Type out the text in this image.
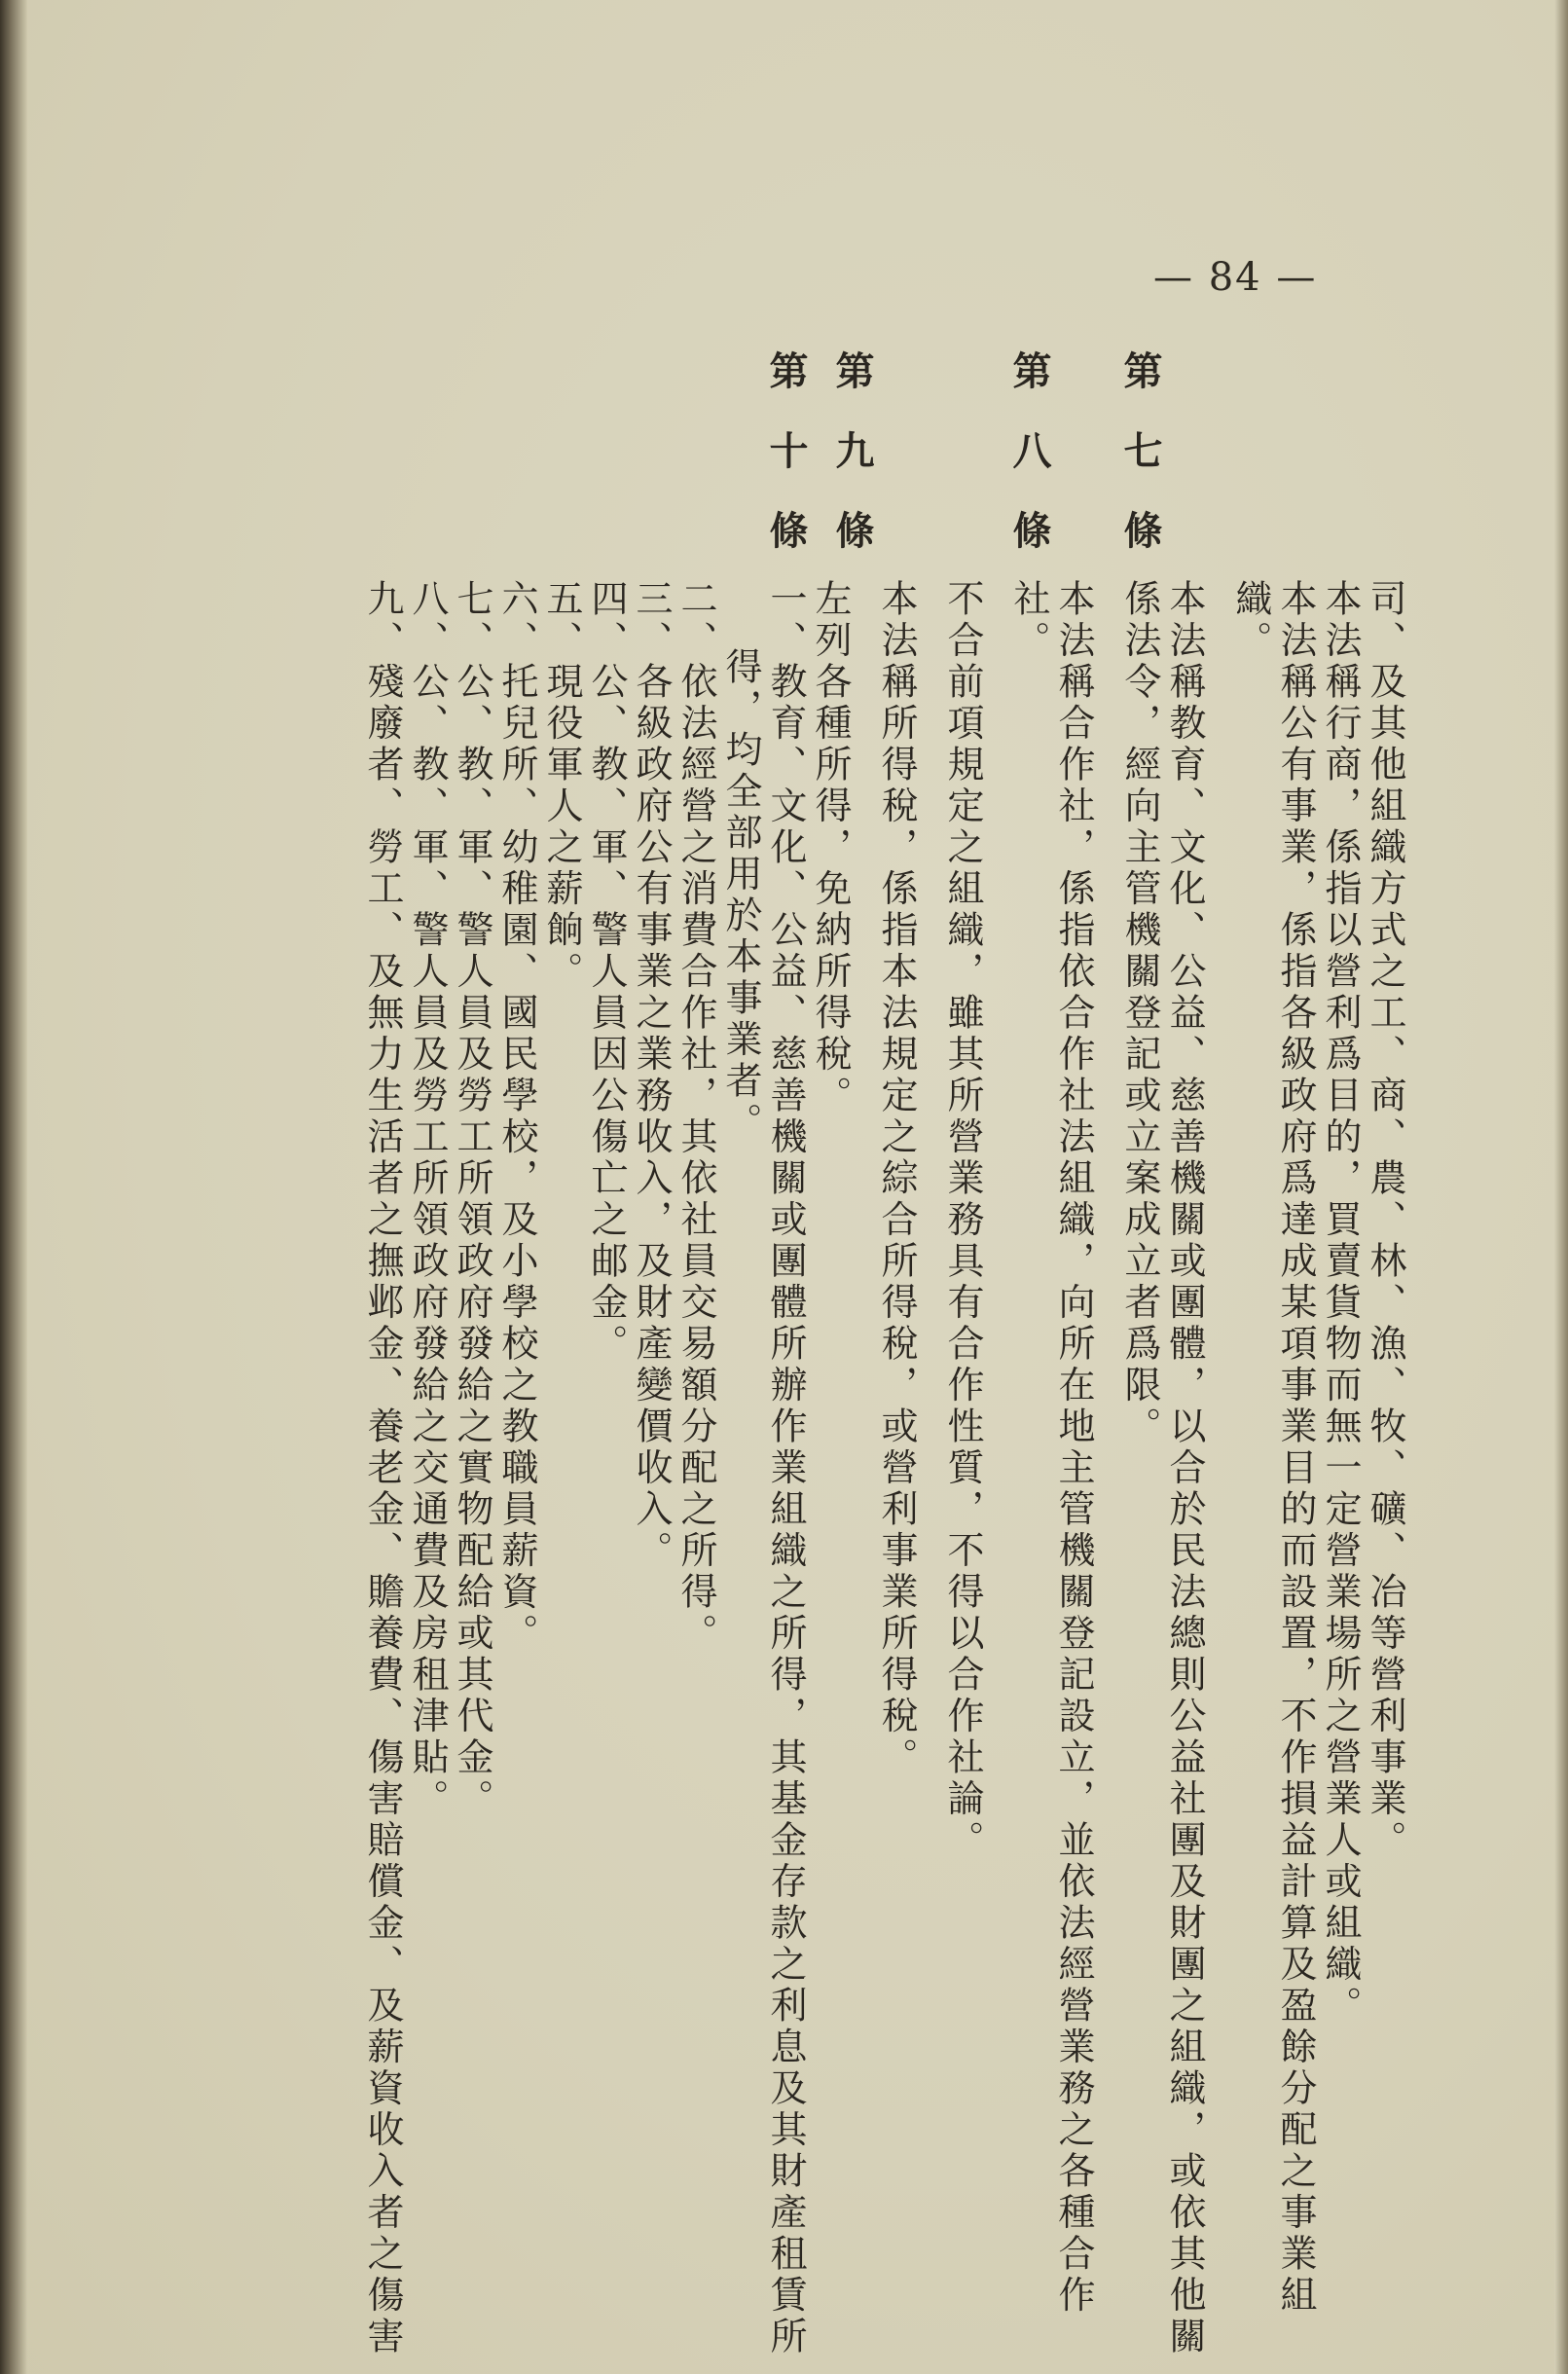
— 84 —
司、及其他組織方式之工、商、農、林、漁、牧、礦、冶等營利事業。
本法稱行商，係指以營利爲目的，買賣貨物而無一定營業場所之營業人或組織。
本法稱公有事業，係指各級政府爲達成某項事業目的而設置，不作損益計算及盈餘分配之事業組
織。
本法稱教育、文化、公益、慈善機關或團體，以合於民法總則公益社團及財團之組織，或依其他關
係法令，經向主管機關登記或立案成立者爲限。
本法稱合作社，係指依合作社法組織，向所在地主管機關登記設立，並依法經營業務之各種合作
社。
不合前項規定之組織，雖其所營業務具有合作性質，不得以合作社論。
本法稱所得稅，係指本法規定之綜合所得稅，或營利事業所得稅。
左列各種所得，免納所得稅。
一、教育、文化、公益、慈善機關或團體所辦作業組織之所得，其基金存款之利息及其財產租賃所
得，均全部用於本事業者。
二、依法經營之消費合作社，其依社員交易額分配之所得。
三、各級政府公有事業之業務收入，及財產變價收入。
四、公、教、軍、警人員因公傷亡之邮金。
五、現役軍人之薪餉。
六、托兒所、幼稚園、國民學校，及小學校之教職員薪資。
七、公、教、軍、警人員及勞工所領政府發給之實物配給或其代金。
八、公、教、軍、警人員及勞工所領政府發給之交通費及房租津貼。
九、殘廢者、勞工、及無力生活者之撫邺金、養老金、贍養費、傷害賠償金、及薪資收入者之傷害
第
七
條
第
八
條
第
九
條
第
十
條
